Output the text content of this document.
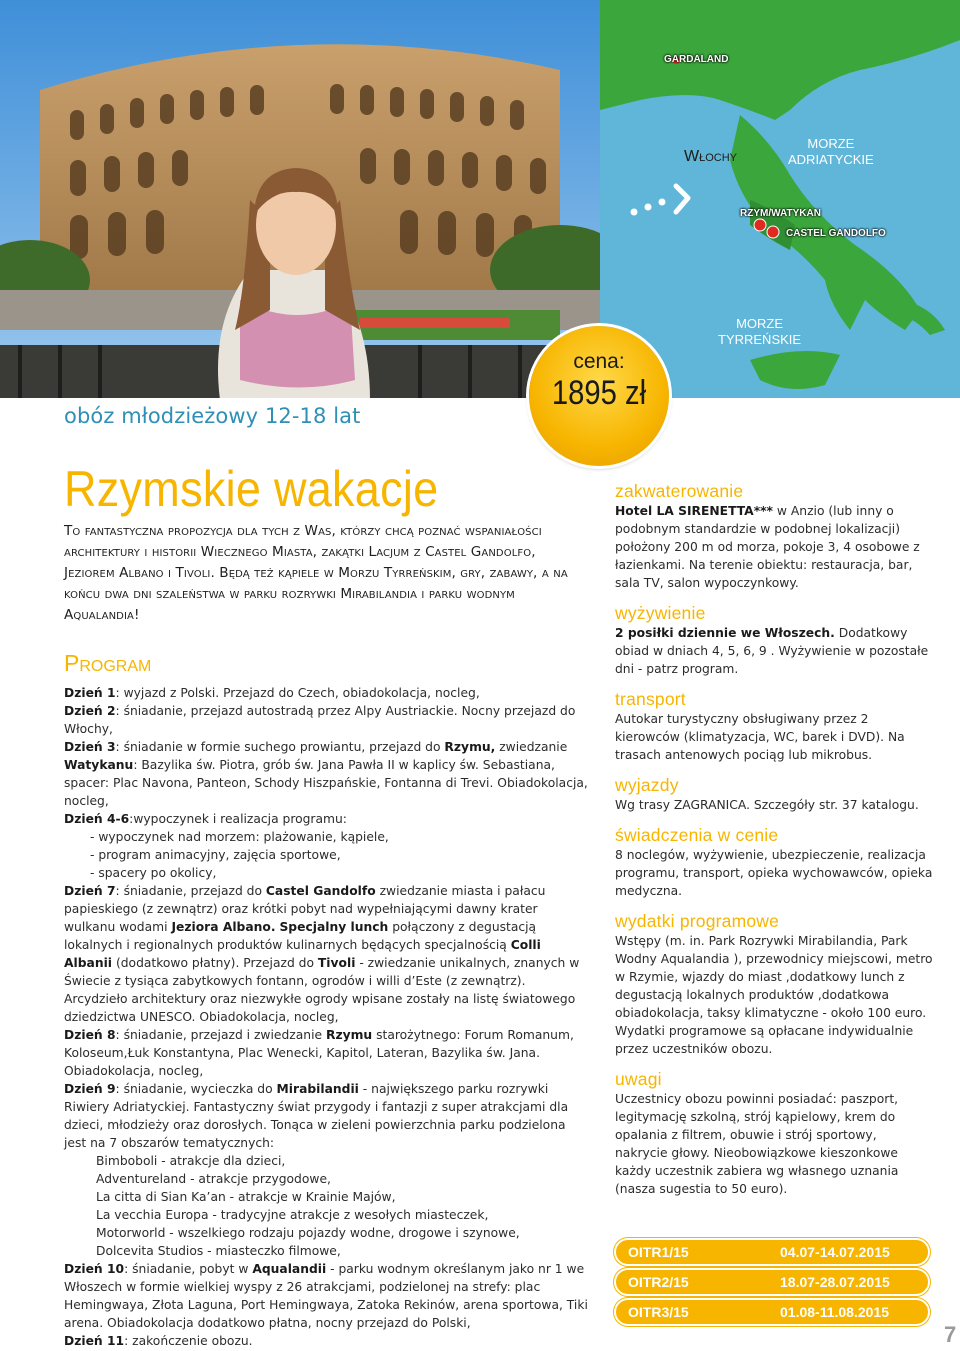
GARDALAND
Włochy
MORZE
ADRIATYCKIE
RZYM/WATYKAN
CASTEL GANDOLFO
MORZE
TYRREŃSKIE
obóz młodzieżowy 12-18 lat
cena:
1895 zł
Rzymskie wakacje
To fantastyczna propozycja dla tych z Was, którzy chcą poznać wspaniałości architektury i historii Wiecznego Miasta, zakątki Lacjum z Castel Gandolfo, Jeziorem Albano i Tivoli. Będą też kąpiele w Morzu Tyrreńskim, gry, zabawy, a na końcu dwa dni szaleństwa w parku rozrywki Mirabilandia i parku wodnym Aqualandia!
Program

Dzień 1: wyjazd z Polski. Przejazd do Czech, obiadokolacja, nocleg,

Dzień 2: śniadanie, przejazd autostradą przez Alpy Austriackie. Nocny przejazd do Włochy,

Dzień 3: śniadanie w formie suchego prowiantu, przejazd do Rzymu, zwiedzanie Watykanu: Bazylika św. Piotra, grób św. Jana Pawła II w kaplicy św. Sebastiana, spacer: Plac Navona, Panteon, Schody Hiszpańskie, Fontanna di Trevi. Obiadokolacja, nocleg,

Dzień 4-6:wypoczynek i realizacja programu:

- wypoczynek nad morzem: plażowanie, kąpiele,

- program animacyjny, zajęcia sportowe,

- spacery po okolicy,

Dzień 7: śniadanie, przejazd do Castel Gandolfo zwiedzanie miasta i pałacu papieskiego (z zewnątrz) oraz krótki pobyt nad wypełniającymi dawny krater wulkanu wodami Jeziora Albano. Specjalny lunch połączony z degustacją lokalnych i regionalnych produktów kulinarnych będących specjalnością Colli Albanii (dodatkowo płatny). Przejazd do Tivoli - zwiedzanie unikalnych, znanych w Świecie z tysiąca zabytkowych fontann, ogrodów i willi d’Este (z zewnątrz). Arcydzieło architektury oraz niezwykłe ogrody wpisane zostały na listę światowego dziedzictwa UNESCO. Obiadokolacja, nocleg,

Dzień 8: śniadanie, przejazd i zwiedzanie Rzymu starożytnego: Forum Romanum, Koloseum,Łuk Konstantyna, Plac Wenecki, Kapitol, Lateran, Bazylika św. Jana. Obiadokolacja, nocleg,

Dzień 9: śniadanie, wycieczka do Mirabilandii - największego parku rozrywki Riwiery Adriatyckiej. Fantastyczny świat przygody i fantazji z super atrakcjami dla dzieci, młodzieży oraz dorosłych. Tonąca w zieleni powierzchnia parku podzielona jest na 7 obszarów tematycznych:

Bimboboli - atrakcje dla dzieci,

Adventureland - atrakcje przygodowe,

La citta di Sian Ka’an - atrakcje w Krainie Majów,

La vecchia Europa - tradycyjne atrakcje z wesołych miasteczek,

Motorworld - wszelkiego rodzaju pojazdy wodne, drogowe i szynowe,

Dolcevita Studios - miasteczko filmowe,

Dzień 10: śniadanie, pobyt w Aqualandii - parku wodnym określanym jako nr 1 we Włoszech w formie wielkiej wyspy z 26 atrakcjami, podzielonej na strefy: plac Hemingwaya, Złota Laguna, Port Hemingwaya, Zatoka Rekinów, arena sportowa, Tiki arena. Obiadokolacja dodatkowo płatna, nocny przejazd do Polski,

Dzień 11: zakończenie obozu.

zakwaterowanie
Hotel LA SIRENETTA*** w Anzio (lub inny o podobnym standardzie w podobnej lokalizacji) położony 200 m od morza, pokoje 3, 4 osobowe z łazienkami. Na terenie obiektu: restauracja, bar, sala TV, salon wypoczynkowy.
wyżywienie
2 posiłki dziennie we Włoszech. Dodatkowy obiad w dniach 4, 5, 6, 9 . Wyżywienie w pozostałe dni - patrz program.
transport
Autokar turystyczny obsługiwany przez 2 kierowców (klimatyzacja, WC, barek i DVD). Na trasach antenowych pociąg lub mikrobus.
wyjazdy
Wg trasy ZAGRANICA. Szczegóły str. 37 katalogu.
świadczenia w cenie
8 noclegów, wyżywienie, ubezpieczenie, realizacja programu, transport, opieka wychowawców, opieka medyczna.
wydatki programowe
Wstępy (m. in. Park Rozrywki Mirabilandia, Park Wodny Aqualandia ), przewodnicy miejscowi, metro w Rzymie, wjazdy do miast ,dodatkowy lunch z degustacją lokalnych produktów ,dodatkowa obiadokolacja, taksy klimatyczne - około 100 euro. Wydatki programowe są opłacane indywidualnie przez uczestników obozu.
uwagi
Uczestnicy obozu powinni posiadać: paszport, legitymację szkolną, strój kąpielowy, krem do opalania z filtrem, obuwie i strój sportowy, nakrycie głowy. Nieobowiązkowe kieszonkowe każdy uczestnik zabiera wg własnego uznania (nasza sugestia to 50 euro).
OITR1/15	04.07-14.07.2015
OITR2/15	18.07-28.07.2015
OITR3/15	01.08-11.08.2015
7
